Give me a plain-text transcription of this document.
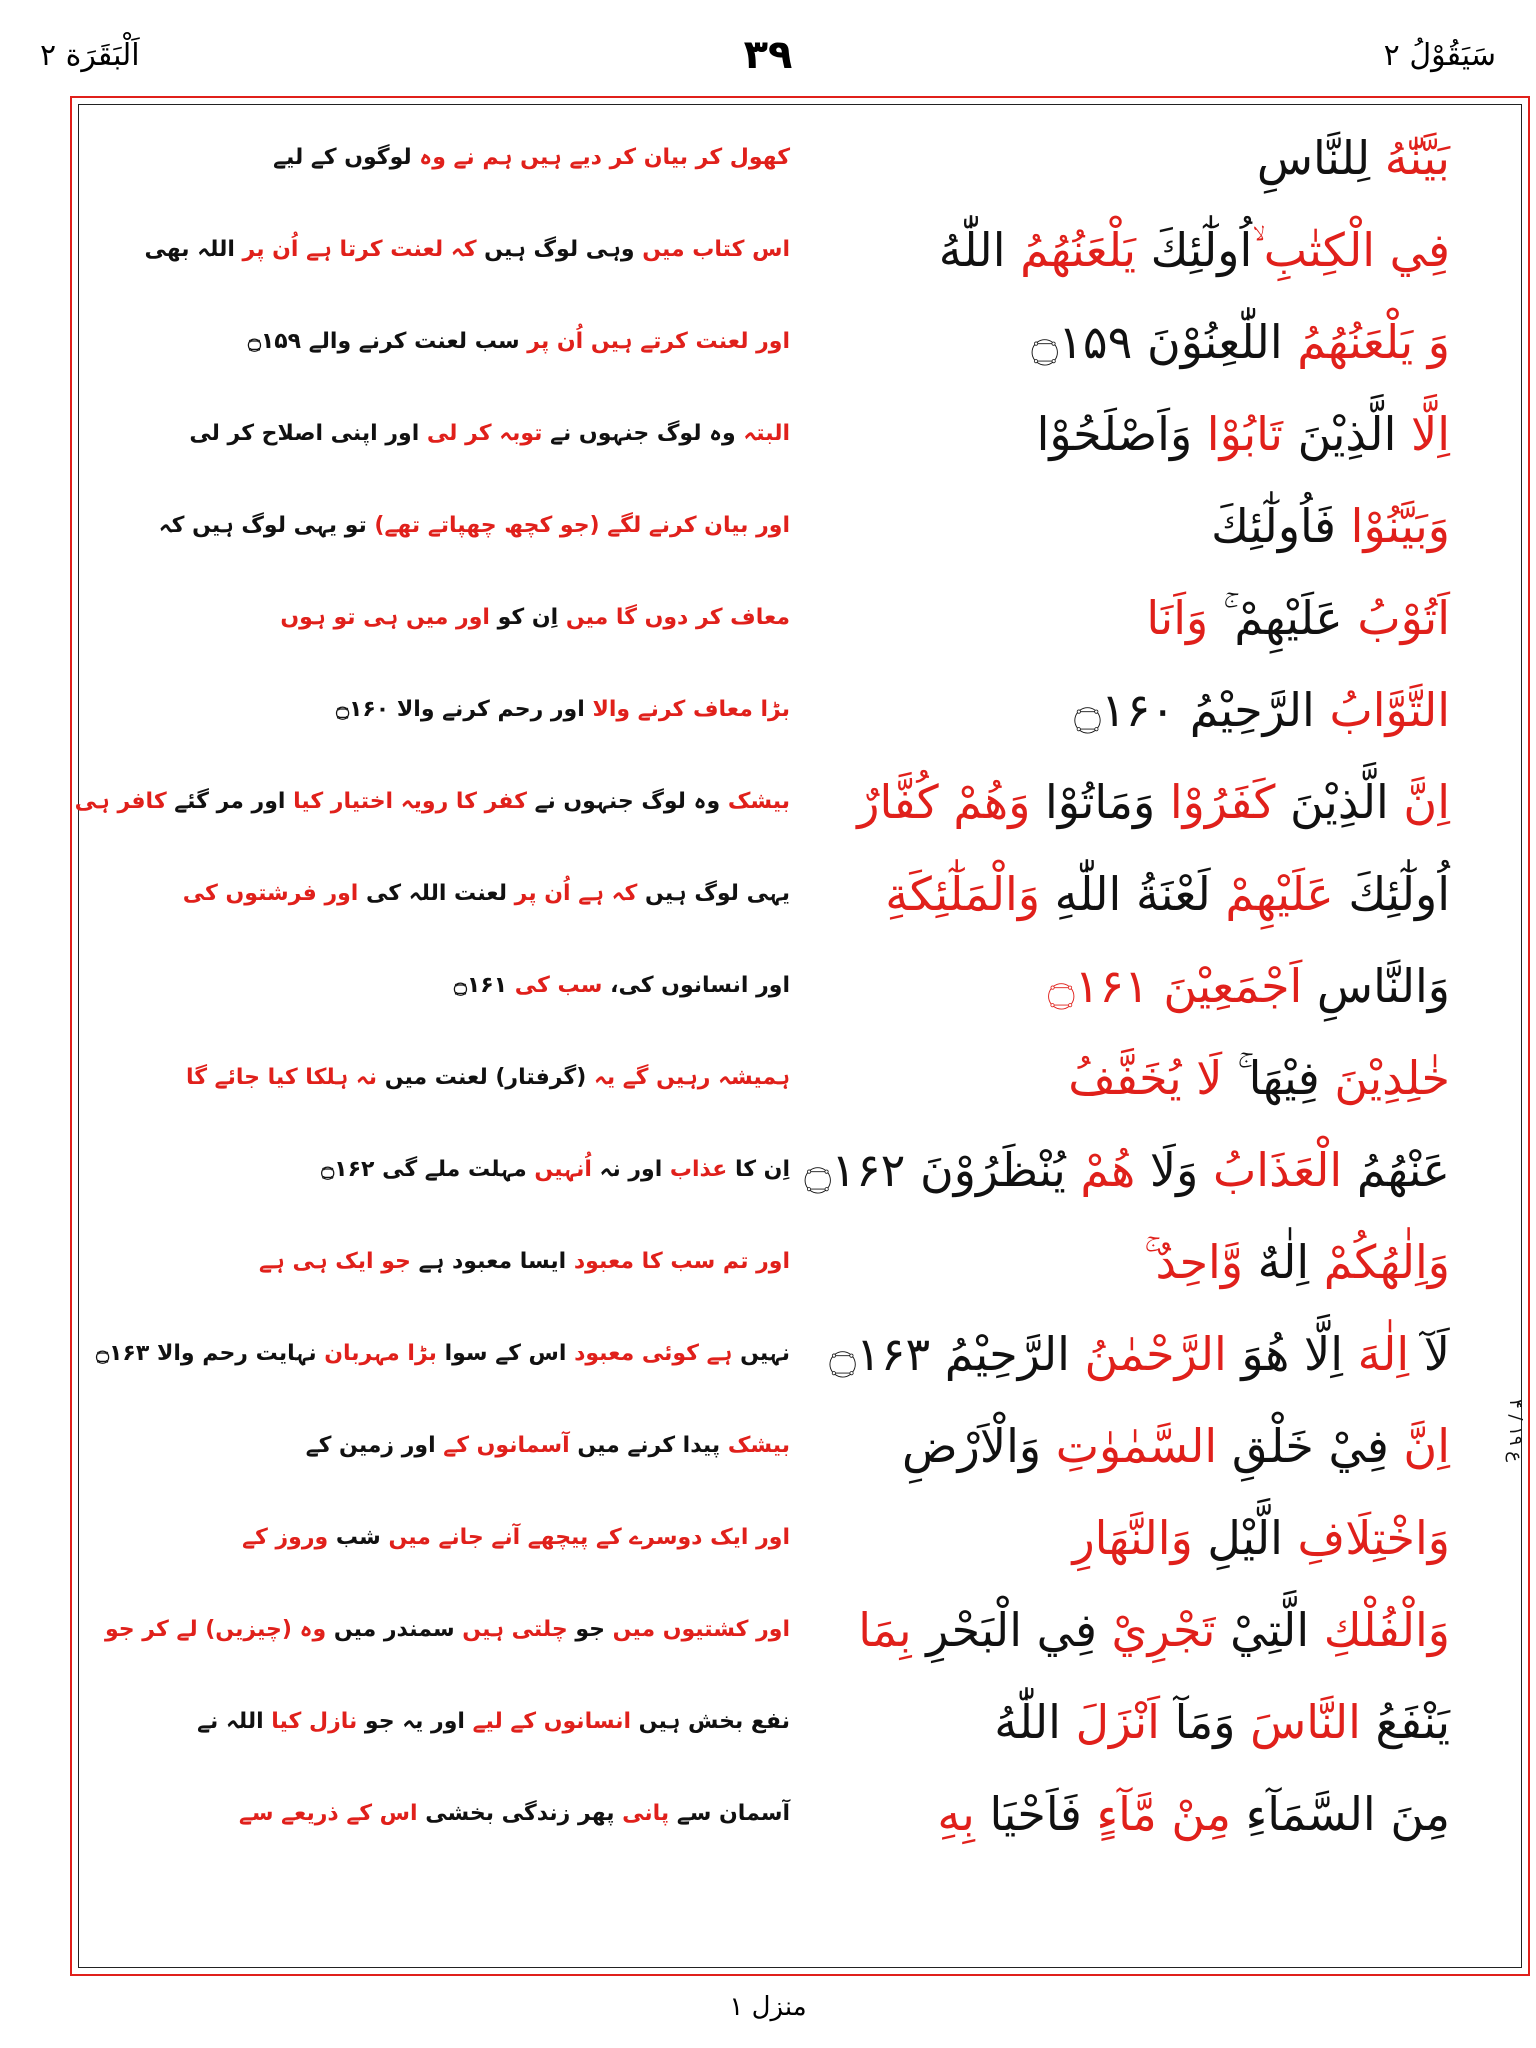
اَلْبَقَرَة ۲	۳۹	سَيَقُوْلُ ۲
بَيَّنّٰهُ لِلنَّاسِ
کھول کر بیان کر دیے ہیں ہم نے وہ لوگوں کے لیے
فِي الْكِتٰبِ ۙاُولٰٓئِكَ يَلْعَنُهُمُ اللّٰهُ
اس کتاب میں وہی لوگ ہیں کہ لعنت کرتا ہے اُن پر اللہ بھی
وَ يَلْعَنُهُمُ اللّٰعِنُوْنَ ۝۱۵۹
اور لعنت کرتے ہیں اُن پر سب لعنت کرنے والے ۝۱۵۹
اِلَّا الَّذِيْنَ تَابُوْا وَاَصْلَحُوْا
البتہ وہ لوگ جنہوں نے توبہ کر لی اور اپنی اصلاح کر لی
وَبَيَّنُوْا فَاُولٰٓئِكَ
اور بیان کرنے لگے (جو کچھ چھپاتے تھے) تو یہی لوگ ہیں کہ
اَتُوْبُ عَلَيْهِمْ ۚ وَاَنَا
معاف کر دوں گا میں اِن کو اور میں ہی تو ہوں
التَّوَّابُ الرَّحِيْمُ ۝۱۶۰
بڑا معاف کرنے والا اور رحم کرنے والا ۝۱۶۰
اِنَّ الَّذِيْنَ كَفَرُوْا وَمَاتُوْا وَهُمْ كُفَّارٌ
بیشک وہ لوگ جنہوں نے کفر کا رویہ اختیار کیا اور مر گئے کافر ہی
اُولٰٓئِكَ عَلَيْهِمْ لَعْنَةُ اللّٰهِ وَالْمَلٰٓئِكَةِ
یہی لوگ ہیں کہ ہے اُن پر لعنت اللہ کی اور فرشتوں کی
وَالنَّاسِ اَجْمَعِيْنَ ۝۱۶۱
اور انسانوں کی، سب کی ۝۱۶۱
خٰلِدِيْنَ فِيْهَا ۚ لَا يُخَفَّفُ
ہمیشہ رہیں گے یہ (گرفتار) لعنت میں نہ ہلکا کیا جائے گا
عَنْهُمُ الْعَذَابُ وَلَا هُمْ يُنْظَرُوْنَ ۝۱۶۲
اِن کا عذاب اور نہ اُنہیں مہلت ملے گی ۝۱۶۲
وَاِلٰهُكُمْ اِلٰهٌ وَّاحِدٌ
اور تم سب کا معبود ایسا معبود ہے جو ایک ہی ہے
لَآ اِلٰهَ اِلَّا هُوَ الرَّحْمٰنُ الرَّحِيْمُ ۝۱۶۳
نہیں ہے کوئی معبود اس کے سوا بڑا مہربان نہایت رحم والا ۝۱۶۳
اِنَّ فِيْ خَلْقِ السَّمٰوٰتِ وَالْاَرْضِ
بیشک پیدا کرنے میں آسمانوں کے اور زمین کے
وَاخْتِلَافِ الَّيْلِ وَالنَّهَارِ
اور ایک دوسرے کے پیچھے آنے جانے میں شب وروز کے
وَالْفُلْكِ الَّتِيْ تَجْرِيْ فِي الْبَحْرِ بِمَا
اور کشتیوں میں جو چلتی ہیں سمندر میں وہ (چیزیں) لے کر جو
يَنْفَعُ النَّاسَ وَمَآ اَنْزَلَ اللّٰهُ
نفع بخش ہیں انسانوں کے لیے اور یہ جو نازل کیا اللہ نے
مِنَ السَّمَآءِ مِنْ مَّآءٍ فَاَحْيَا بِهِ
آسمان سے پانی پھر زندگی بخشی اس کے ذریعے سے
ع ۱۹ / ۴
منزل ۱
